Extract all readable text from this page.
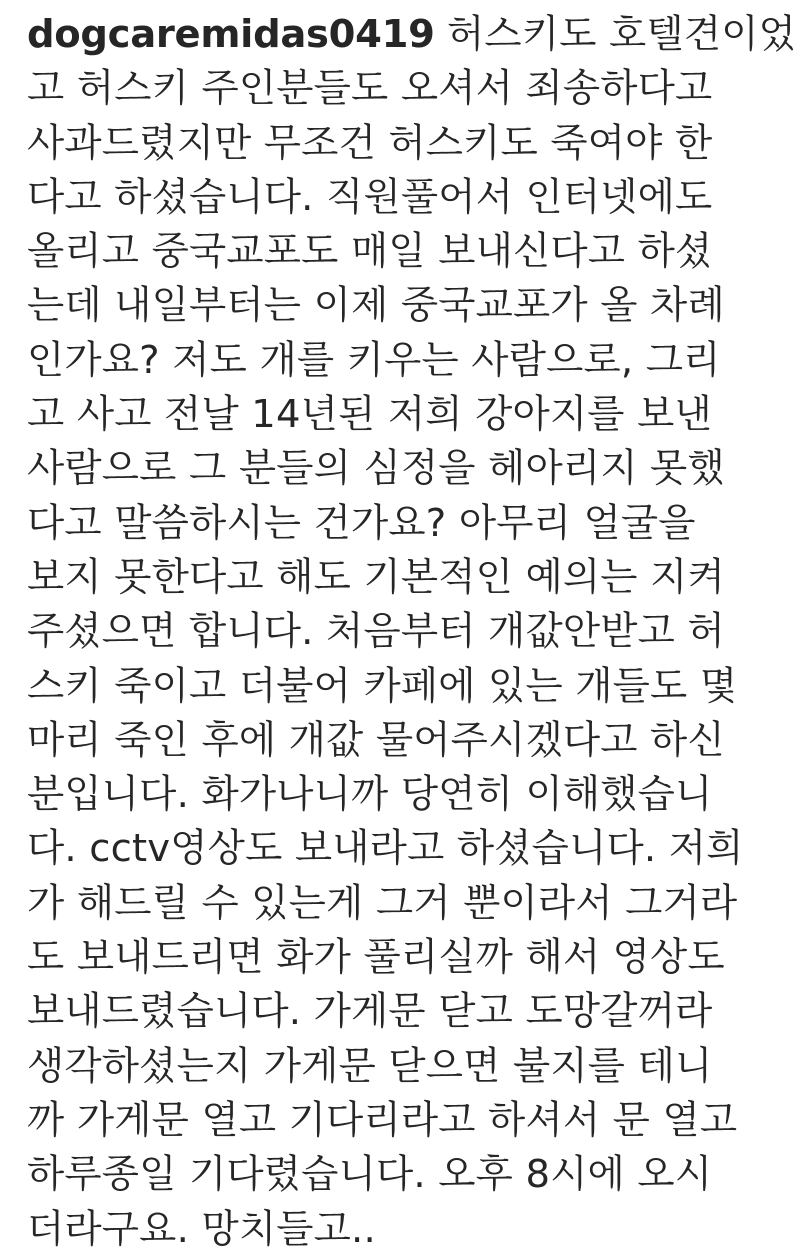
dogcaremidas0419 허스키도 호텔견이었
고 허스키 주인분들도 오셔서 죄송하다고
사과드렸지만 무조건 허스키도 죽여야 한
다고 하셨습니다. 직원풀어서 인터넷에도
올리고 중국교포도 매일 보내신다고 하셨
는데 내일부터는 이제 중국교포가 올 차례
인가요? 저도 개를 키우는 사람으로, 그리
고 사고 전날 14년된 저희 강아지를 보낸
사람으로 그 분들의 심정을 헤아리지 못했
다고 말씀하시는 건가요? 아무리 얼굴을
보지 못한다고 해도 기본적인 예의는 지켜
주셨으면 합니다. 처음부터 개값안받고 허
스키 죽이고 더불어 카페에 있는 개들도 몇
마리 죽인 후에 개값 물어주시겠다고 하신
분입니다. 화가나니까 당연히 이해했습니
다. cctv영상도 보내라고 하셨습니다. 저희
가 해드릴 수 있는게 그거 뿐이라서 그거라
도 보내드리면 화가 풀리실까 해서 영상도
보내드렸습니다. 가게문 닫고 도망갈꺼라
생각하셨는지 가게문 닫으면 불지를 테니
까 가게문 열고 기다리라고 하셔서 문 열고
하루종일 기다렸습니다. 오후 8시에 오시
더라구요. 망치들고..
